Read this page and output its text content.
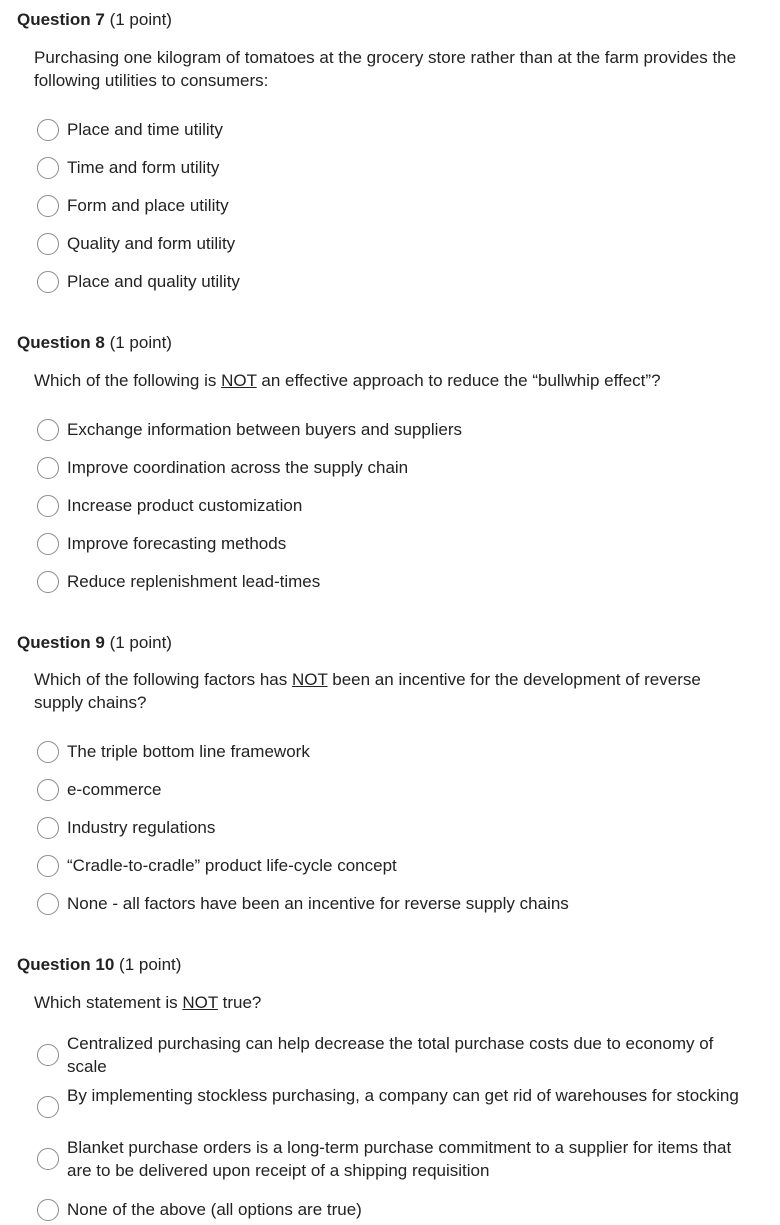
Question 7 (1 point)
Purchasing one kilogram of tomatoes at the grocery store rather than at the farm provides the following utilities to consumers:
Place and time utility
Time and form utility
Form and place utility
Quality and form utility
Place and quality utility
Question 8 (1 point)
Which of the following is NOT an effective approach to reduce the “bullwhip effect”?
Exchange information between buyers and suppliers
Improve coordination across the supply chain
Increase product customization
Improve forecasting methods
Reduce replenishment lead-times
Question 9 (1 point)
Which of the following factors has NOT been an incentive for the development of reverse supply chains?
The triple bottom line framework
e-commerce
Industry regulations
“Cradle-to-cradle” product life-cycle concept
None - all factors have been an incentive for reverse supply chains
Question 10 (1 point)
Which statement is NOT true?
Centralized purchasing can help decrease the total purchase costs due to economy of scale
By implementing stockless purchasing, a company can get rid of warehouses for stocking
Blanket purchase orders is a long-term purchase commitment to a supplier for items that are to be delivered upon receipt of a shipping requisition
None of the above (all options are true)
